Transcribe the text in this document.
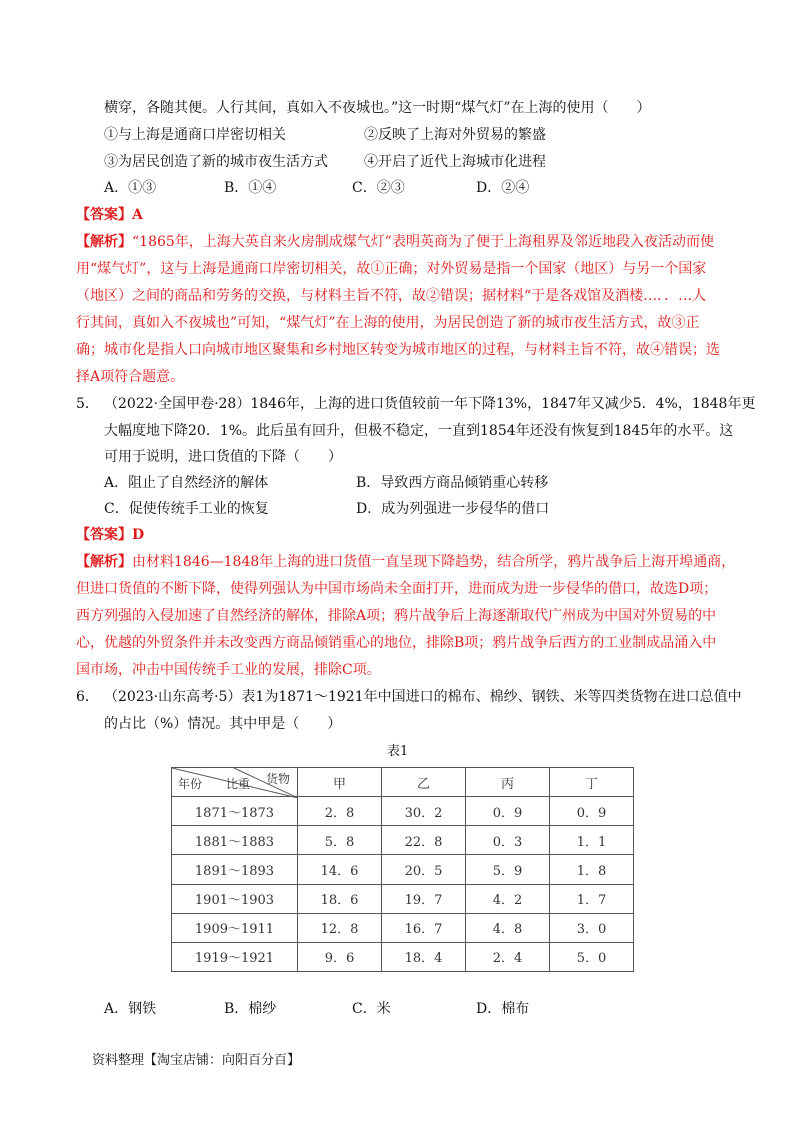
横穿，各随其便。人行其间，真如入不夜城也。”这一时期“煤气灯”在上海的使用（　　）
①与上海是通商口岸密切相关	②反映了上海对外贸易的繁盛
③为居民创造了新的城市夜生活方式	④开启了近代上海城市化进程
A．①③	B．①④	C．②③	D．②④
【答案】A
【解析】“1865年，上海大英自来火房制成煤气灯”表明英商为了便于上海租界及邻近地段入夜活动而使
用“煤气灯”，这与上海是通商口岸密切相关，故①正确；对外贸易是指一个国家（地区）与另一个国家
（地区）之间的商品和劳务的交换，与材料主旨不符，故②错误；据材料“于是各戏馆及酒楼…．．…人
行其间，真如入不夜城也”可知，“煤气灯”在上海的使用，为居民创造了新的城市夜生活方式，故③正
确；城市化是指人口向城市地区聚集和乡村地区转变为城市地区的过程，与材料主旨不符，故④错误；选
择A项符合题意。
5． （2022·全国甲卷·28）1846年，上海的进口货值较前一年下降13%，1847年又减少5．4%，1848年更
大幅度地下降20．1%。此后虽有回升，但极不稳定，一直到1854年还没有恢复到1845年的水平。这
可用于说明，进口货值的下降（　　）
A．阻止了自然经济的解体	B．导致西方商品倾销重心转移
C．促使传统手工业的恢复	D．成为列强进一步侵华的借口
【答案】D
【解析】由材料1846—1848年上海的进口货值一直呈现下降趋势，结合所学，鸦片战争后上海开埠通商，
但进口货值的不断下降，使得列强认为中国市场尚未全面打开，进而成为进一步侵华的借口，故选D项；
西方列强的入侵加速了自然经济的解体，排除A项；鸦片战争后上海逐渐取代广州成为中国对外贸易的中
心，优越的外贸条件并未改变西方商品倾销重心的地位，排除B项；鸦片战争后西方的工业制成品涌入中
国市场，冲击中国传统手工业的发展，排除C项。
6． （2023·山东高考·5）表1为1871～1921年中国进口的棉布、棉纱、钢铁、米等四类货物在进口总值中
的占比（%）情况。其中甲是（　　）
表1
年份 比重 货物	甲	乙	丙	丁
1871～1873	2．8	30．2	0．9	0．9
1881～1883	5．8	22．8	0．3	1．1
1891～1893	14．6	20．5	5．9	1．8
1901～1903	18．6	19．7	4．2	1．7
1909～1911	12．8	16．7	4．8	3．0
1919～1921	9．6	18．4	2．4	5．0
A．钢铁	B．棉纱	C．米	D．棉布
资料整理【淘宝店铺：向阳百分百】
